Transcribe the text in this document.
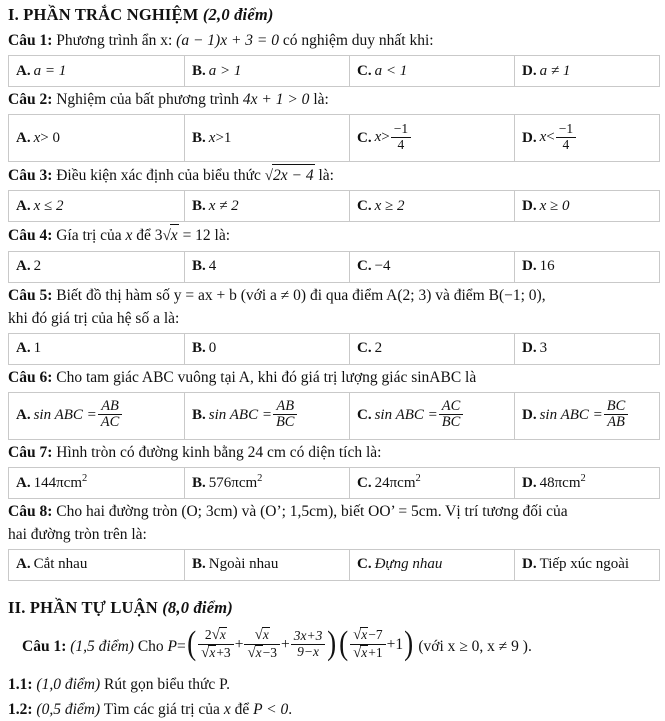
I. PHẦN TRẮC NGHIỆM (2,0 điểm)
Câu 1: Phương trình ẩn x: (a − 1)x + 3 = 0 có nghiệm duy nhất khi:
A. a = 1	B. a > 1	C. a < 1	D. a ≠ 1
Câu 2: Nghiệm của bất phương trình 4x + 1 > 0 là:
A. x> 0	B. x>1	C. $x> \frac{-1}{4}$	D. $x< \frac{-1}{4}$
Câu 3: Điều kiện xác định của biểu thức √2x − 4 là:
A. x ≤ 2	B. x ≠ 2	C. x ≥ 2	D. x ≥ 0
Câu 4: Gía trị của x để 3√x = 12 là:
A. 2	B. 4	C. −4	D. 16
Câu 5: Biết đồ thị hàm số y = ax + b (với a ≠ 0) đi qua điểm A(2; 3) và điểm B(−1; 0),
khi đó giá trị của hệ số a là:
A. 1	B. 0	C. 2	D. 3
Câu 6: Cho tam giác ABC vuông tại A, khi đó giá trị lượng giác sinABC là
A. sin ABC = $\frac{AB}{AC}$	B. sin ABC = $\frac{AB}{BC}$	C. sin ABC = $\frac{AC}{BC}$	D. sin ABC = $\frac{BC}{AB}$
Câu 7: Hình tròn có đường kinh bằng 24 cm có diện tích là:
A. 144πcm$^2$	B. 576πcm$^2$	C. 24πcm$^2$	D. 48πcm$^2$
Câu 8: Cho hai đường tròn (O; 3cm) và (O’; 1,5cm), biết OO’ = 5cm. Vị trí tương đối của
hai đường tròn trên là:
A. Cắt nhau	B. Ngoài nhau	C. Đựng nhau	D. Tiếp xúc ngoài
II. PHẦN TỰ LUẬN (8,0 điểm)
Câu 1: (1,5 điểm) Cho P= ( $\frac{2√x}{√x+3} + \frac{√x}{√x-3} + \frac{3x+3}{9-x}$ ) ( $\frac{√x-7}{√x+1} +1$ ) (với x ≥ 0, x ≠ 9 ).
1.1: (1,0 điểm) Rút gọn biểu thức P.
1.2: (0,5 điểm) Tìm các giá trị của x để P < 0.
